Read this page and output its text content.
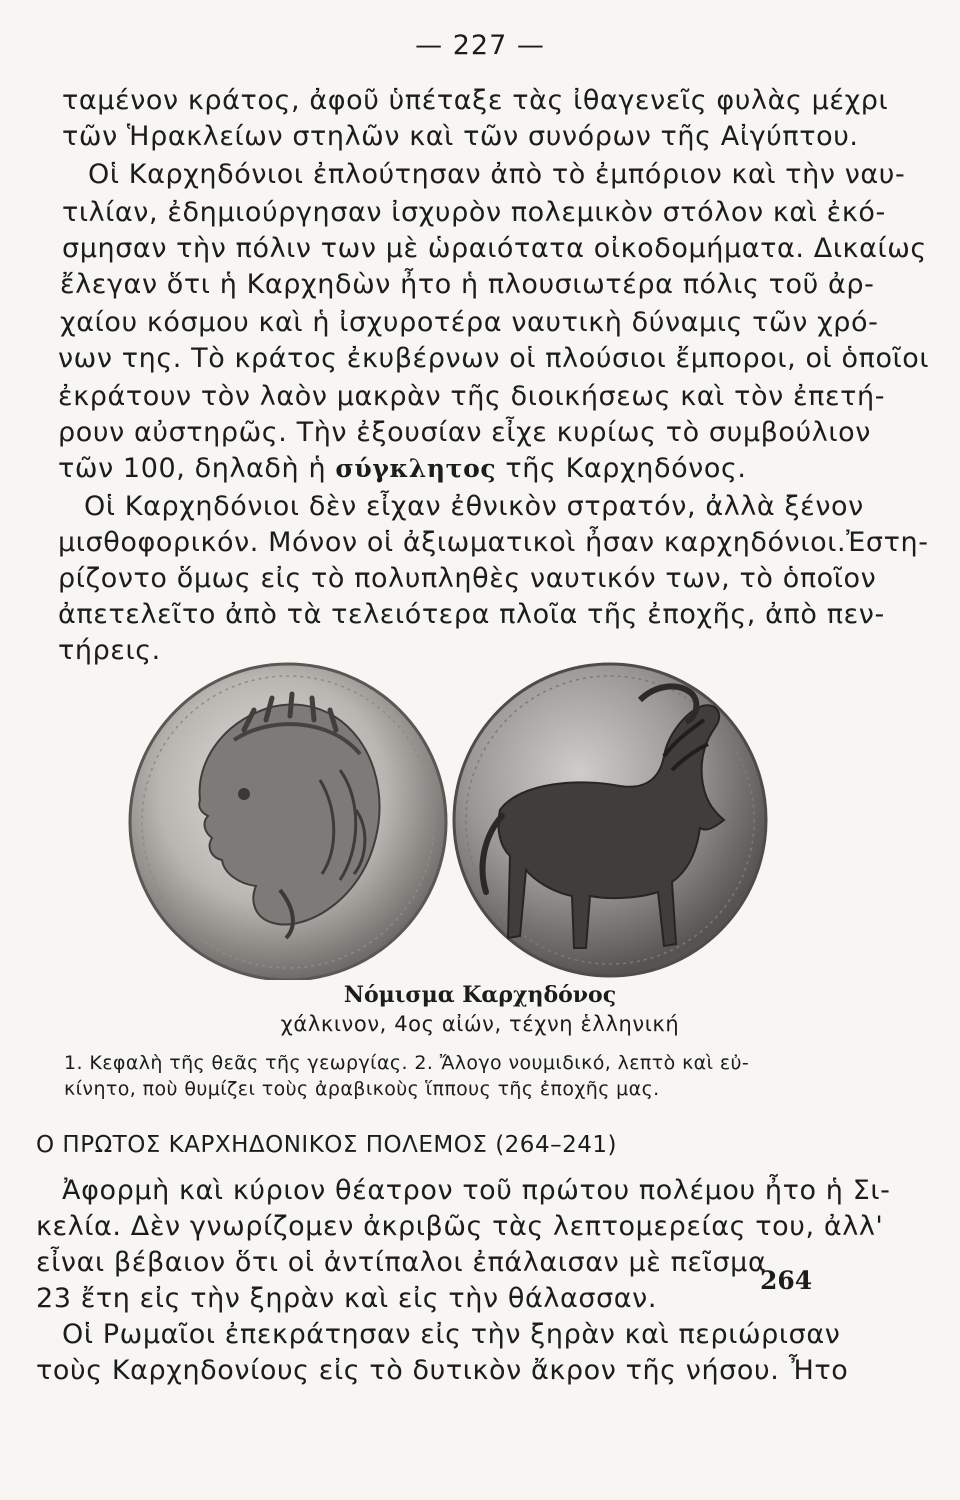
— 227 —
ταμένον κράτος, ἀφοῦ ὑπέταξε τὰς ἰθαγενεῖς φυλὰς μέχρι
τῶν Ἡρακλείων στηλῶν καὶ τῶν συνόρων τῆς Αἰγύπτου.
Οἱ Καρχηδόνιοι ἐπλούτησαν ἀπὸ τὸ ἐμπόριον καὶ τὴν ναυ-
τιλίαν, ἐδημιούργησαν ἰσχυρὸν πολεμικὸν στόλον καὶ ἐκό-
σμησαν τὴν πόλιν των μὲ ὡραιότατα οἰκοδομήματα. Δικαίως
ἔλεγαν ὅτι ἡ Καρχηδὼν ἦτο ἡ πλουσιωτέρα πόλις τοῦ ἀρ-
χαίου κόσμου καὶ ἡ ἰσχυροτέρα ναυτικὴ δύναμις τῶν χρό-
νων της. Τὸ κράτος ἐκυβέρνων οἱ πλούσιοι ἔμποροι, οἱ ὁποῖοι
ἐκράτουν τὸν λαὸν μακρὰν τῆς διοικήσεως καὶ τὸν ἐπετή-
ρουν αὐστηρῶς. Τὴν ἐξουσίαν εἶχε κυρίως τὸ συμβούλιον
τῶν 100, δηλαδὴ ἡ σύγκλητος τῆς Καρχηδόνος.
Οἱ Καρχηδόνιοι δὲν εἶχαν ἐθνικὸν στρατόν, ἀλλὰ ξένον
μισθοφορικόν. Μόνον οἱ ἀξιωματικοὶ ἦσαν καρχηδόνιοι.Ἐστη-
ρίζοντο ὅμως εἰς τὸ πολυπληθὲς ναυτικόν των, τὸ ὁποῖον
ἀπετελεῖτο ἀπὸ τὰ τελειότερα πλοῖα τῆς ἐποχῆς, ἀπὸ πεν-
τήρεις.
Νόμισμα Καρχηδόνος
χάλκινον, 4ος αἰών, τέχνη ἑλληνική
1. Κεφαλὴ τῆς θεᾶς τῆς γεωργίας. 2. Ἄλογο νουμιδικό, λεπτὸ καὶ εὐ-
κίνητο, ποὺ θυμίζει τοὺς ἀραβικοὺς ἵππους τῆς ἐποχῆς μας.
Ο ΠΡΩΤΟΣ ΚΑΡΧΗΔΟΝΙΚΟΣ ΠΟΛΕΜΟΣ (264–241)
Ἀφορμὴ καὶ κύριον θέατρον τοῦ πρώτου πολέμου ἦτο ἡ Σι-
κελία. Δὲν γνωρίζομεν ἀκριβῶς τὰς λεπτομερείας του, ἀλλ'
εἶναι βέβαιον ὅτι οἱ ἀντίπαλοι ἐπάλαισαν μὲ πεῖσμα
23 ἔτη εἰς τὴν ξηρὰν καὶ εἰς τὴν θάλασσαν.
264
Οἱ Ρωμαῖοι ἐπεκράτησαν εἰς τὴν ξηρὰν καὶ περιώρισαν
τοὺς Καρχηδονίους εἰς τὸ δυτικὸν ἄκρον τῆς νήσου. Ἦτο
